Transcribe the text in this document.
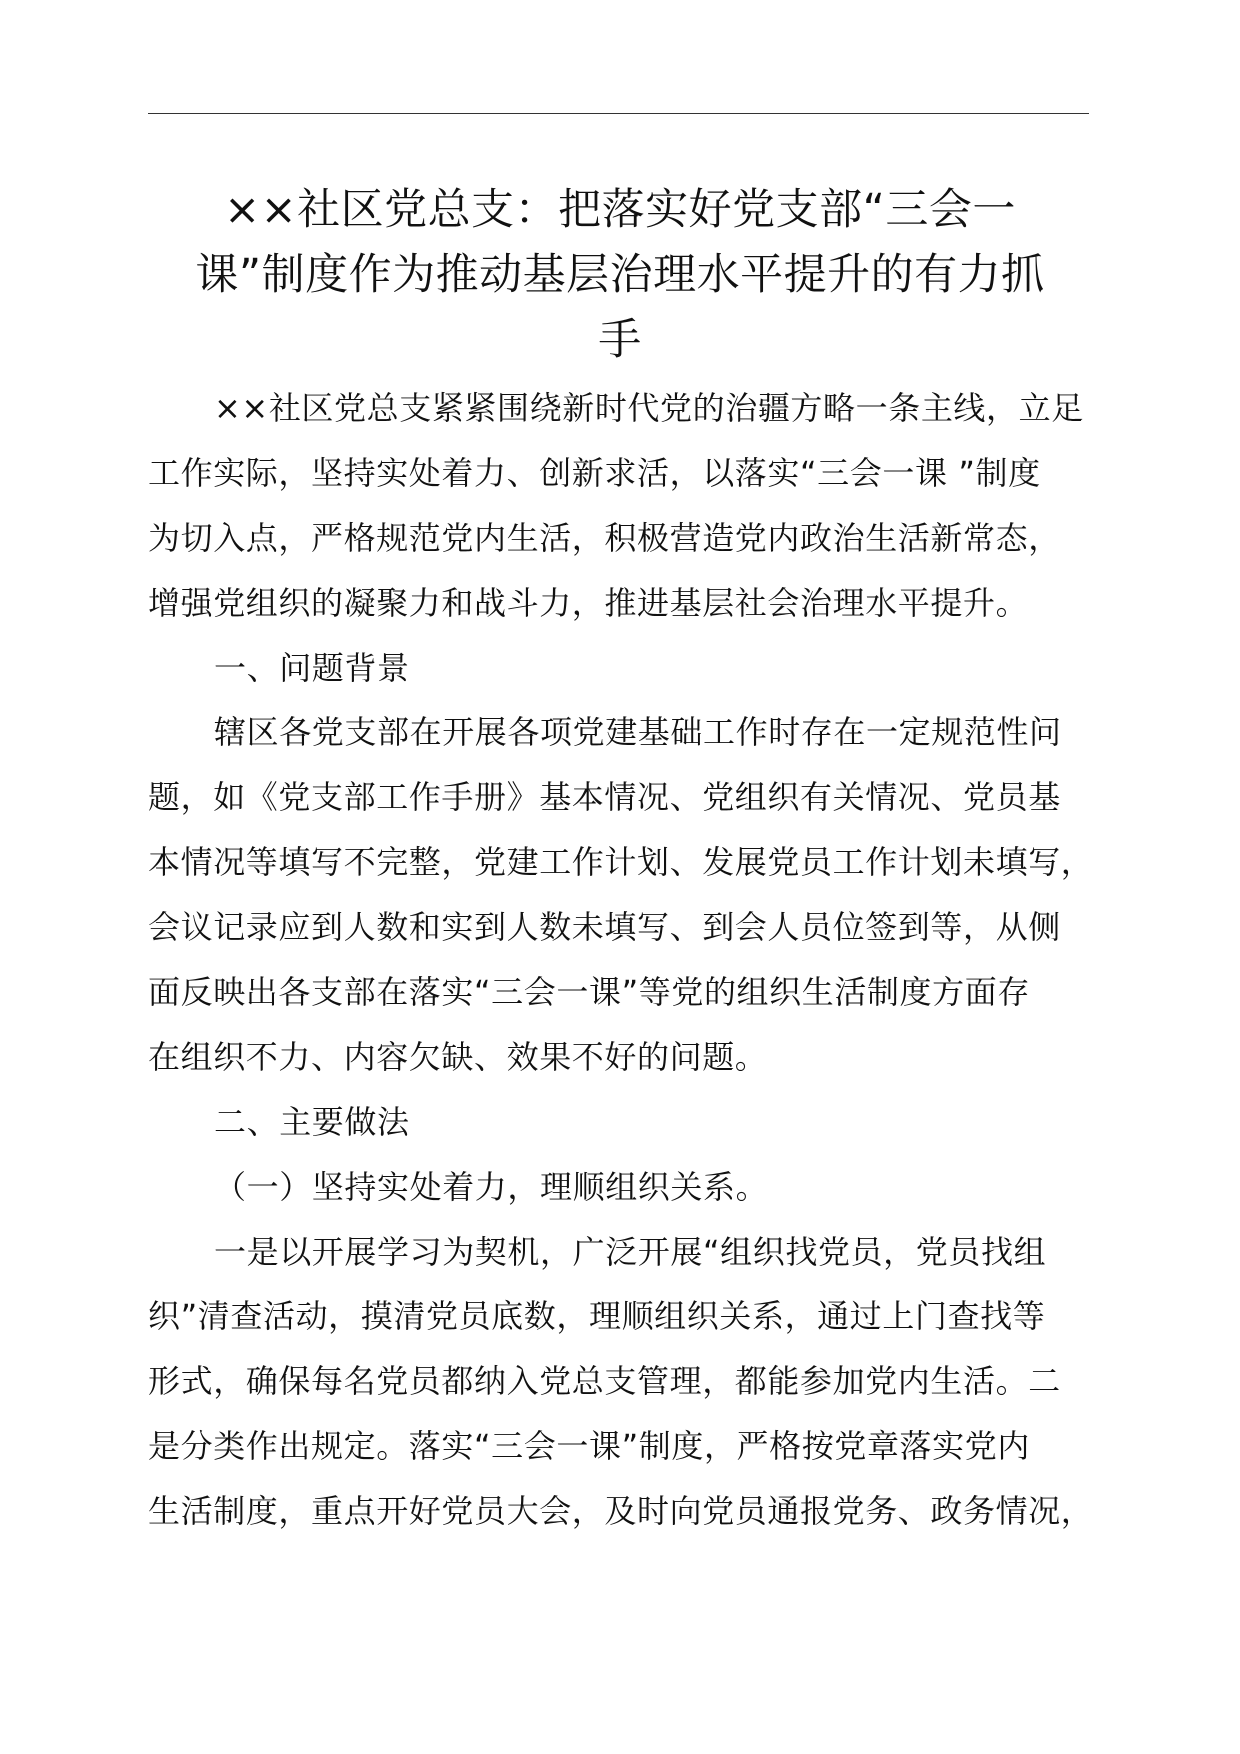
××社区党总支：把落实好党支部“三会一
课”制度作为推动基层治理水平提升的有力抓
手
××社区党总支紧紧围绕新时代党的治疆方略一条主线，立足
工作实际，坚持实处着力、创新求活，以落实“三会一课 ”制度
为切入点，严格规范党内生活，积极营造党内政治生活新常态，
增强党组织的凝聚力和战斗力，推进基层社会治理水平提升。
一、问题背景
辖区各党支部在开展各项党建基础工作时存在一定规范性问
题，如《党支部工作手册》基本情况、党组织有关情况、党员基
本情况等填写不完整，党建工作计划、发展党员工作计划未填写，
会议记录应到人数和实到人数未填写、到会人员位签到等，从侧
面反映出各支部在落实“三会一课”等党的组织生活制度方面存
在组织不力、内容欠缺、效果不好的问题。
二、主要做法
（一）坚持实处着力，理顺组织关系。
一是以开展学习为契机，广泛开展“组织找党员，党员找组
织”清查活动，摸清党员底数，理顺组织关系，通过上门查找等
形式，确保每名党员都纳入党总支管理，都能参加党内生活。二
是分类作出规定。落实“三会一课”制度，严格按党章落实党内
生活制度，重点开好党员大会，及时向党员通报党务、政务情况，
